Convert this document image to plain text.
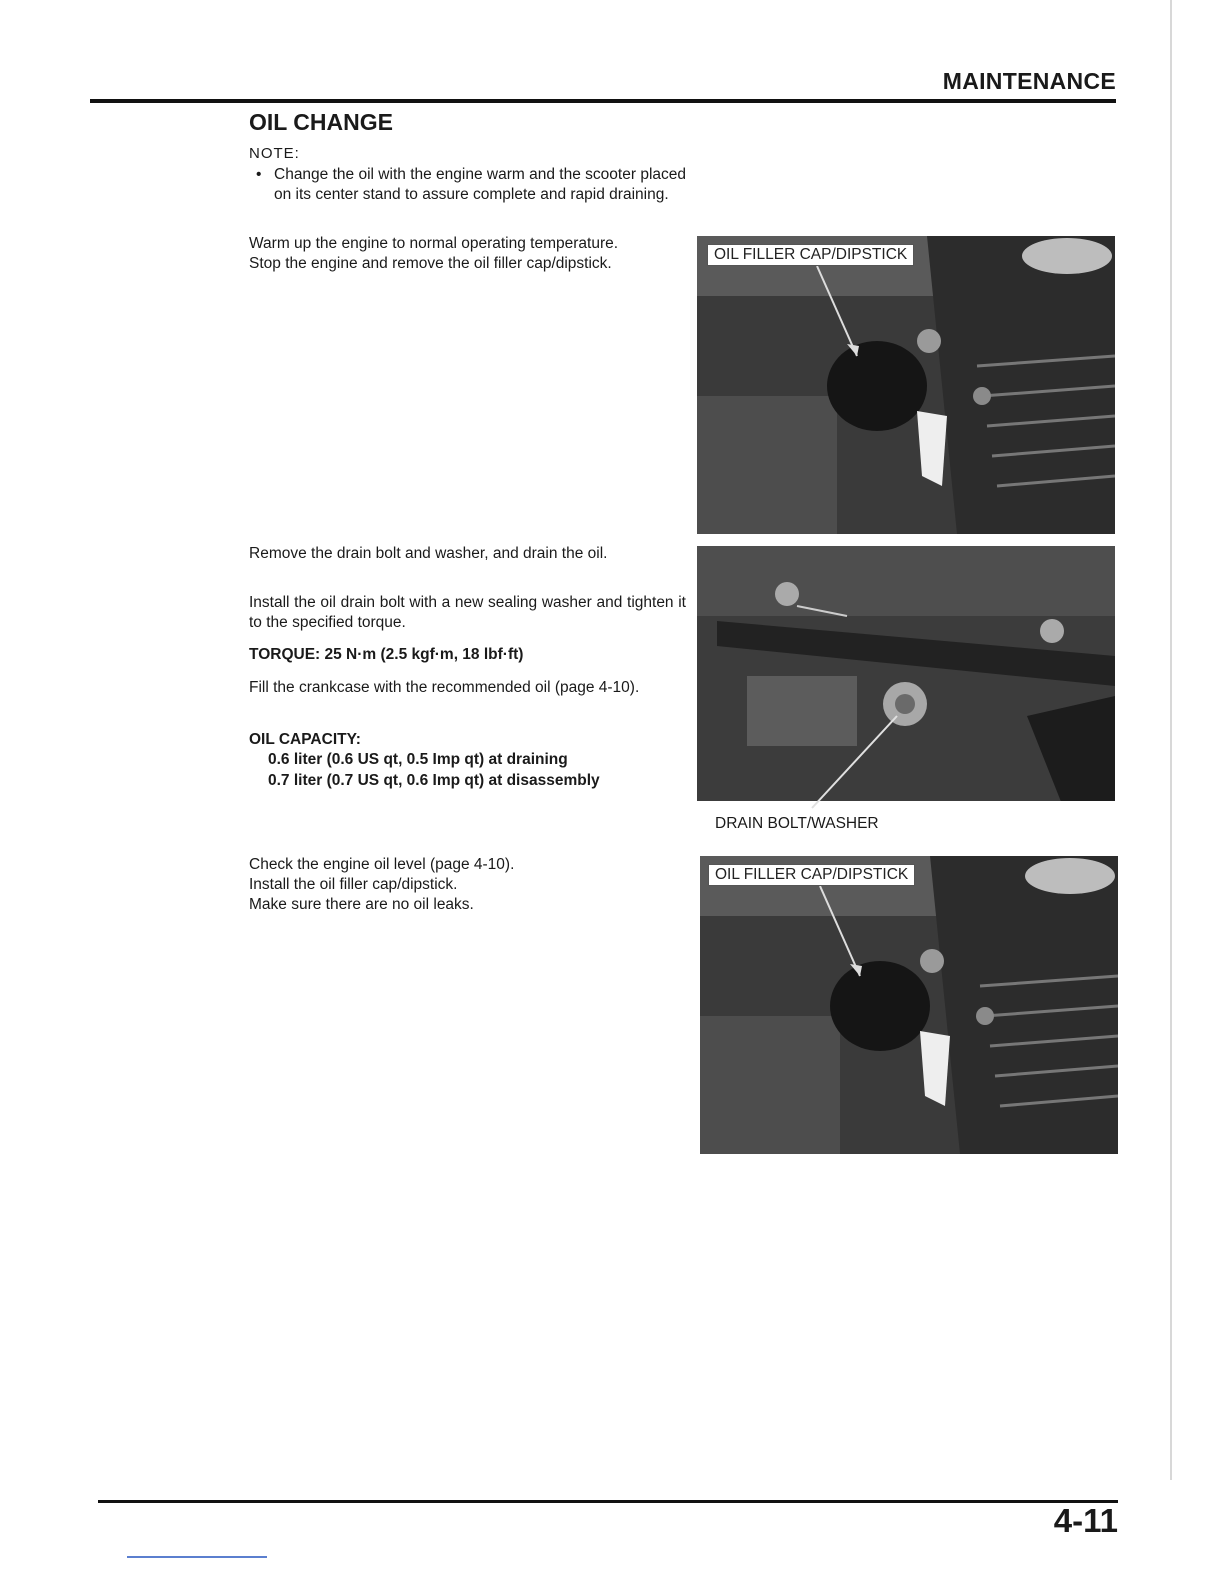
MAINTENANCE
OIL CHANGE
NOTE:
• Change the oil with the engine warm and the scooter placed on its center stand to assure complete and rapid draining.

Warm up the engine to normal operating temperature.

Stop the engine and remove the oil filler cap/dipstick.

Remove the drain bolt and washer, and drain the oil.
Install the oil drain bolt with a new sealing washer and tighten it to the specified torque.
TORQUE: 25 N·m (2.5 kgf·m, 18 lbf·ft)
Fill the crankcase with the recommended oil (page 4-10).
OIL CAPACITY:
0.6 liter (0.6 US qt, 0.5 Imp qt) at draining
0.7 liter (0.7 US qt, 0.6 Imp qt) at disassembly

Check the engine oil level (page 4-10).

Install the oil filler cap/dipstick.

Make sure there are no oil leaks.

OIL FILLER CAP/DIPSTICK
DRAIN BOLT/WASHER
OIL FILLER CAP/DIPSTICK
4-11
